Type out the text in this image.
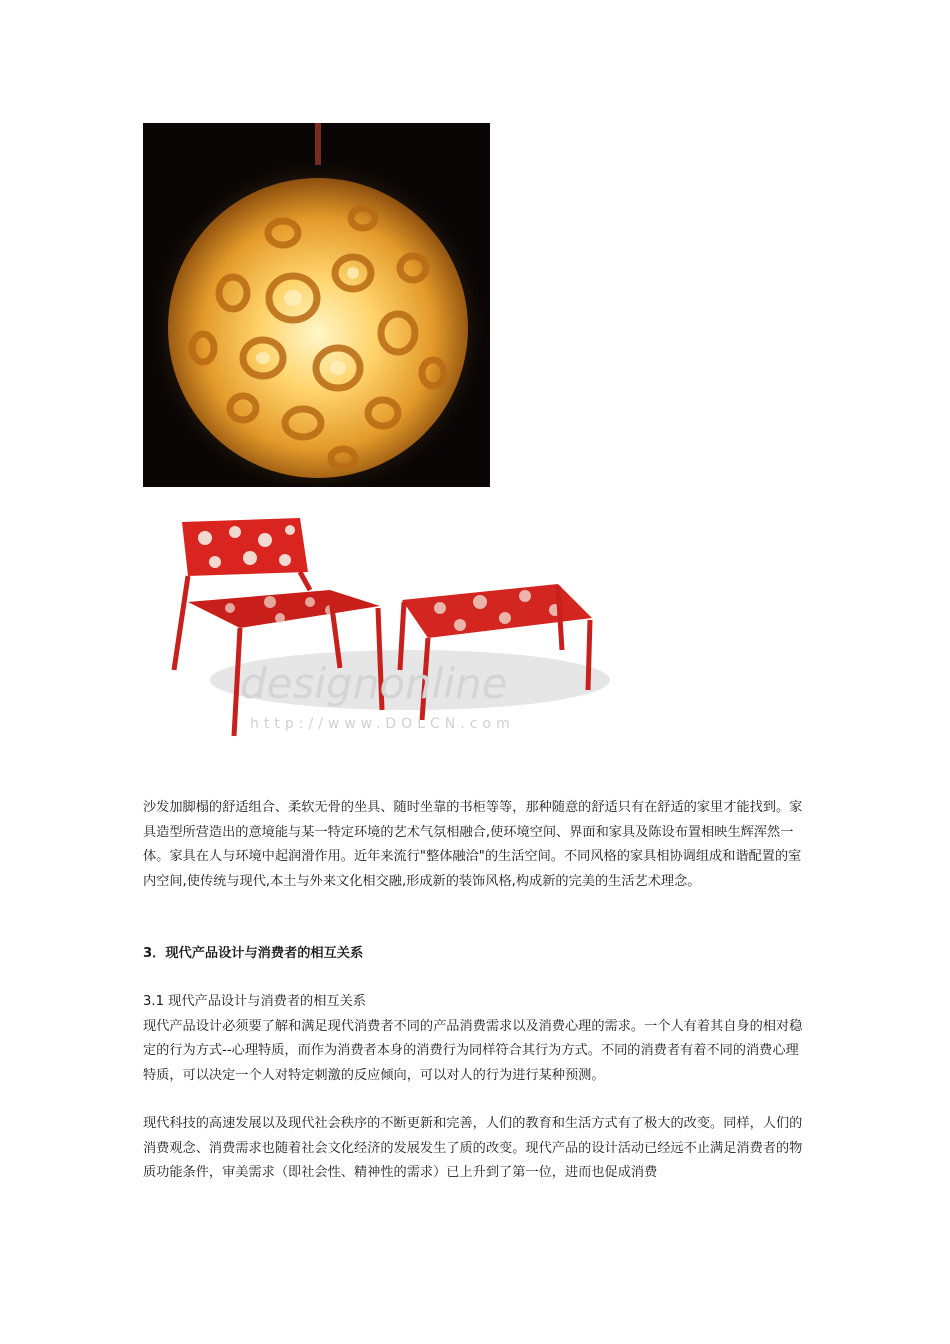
designonline
http://www.DOLCN.com

沙发加脚榻的舒适组合、柔软无骨的坐具、随时坐靠的书柜等等，那种随意的舒适只有在舒适的家里才能找到。家具造型所营造出的意境能与某一特定环境的艺术气氛相融合,使环境空间、界面和家具及陈设布置相映生辉浑然一体。家具在人与环境中起润滑作用。近年来流行"整体融洽"的生活空间。不同风格的家具相协调组成和谐配置的室内空间,使传统与现代,本土与外来文化相交融,形成新的装饰风格,构成新的完美的生活艺术理念。

3．现代产品设计与消费者的相互关系

3.1 现代产品设计与消费者的相互关系
现代产品设计必须要了解和满足现代消费者不同的产品消费需求以及消费心理的需求。一个人有着其自身的相对稳定的行为方式--心理特质，而作为消费者本身的消费行为同样符合其行为方式。不同的消费者有着不同的消费心理特质，可以决定一个人对特定刺激的反应倾向，可以对人的行为进行某种预测。

现代科技的高速发展以及现代社会秩序的不断更新和完善，人们的教育和生活方式有了极大的改变。同样，人们的消费观念、消费需求也随着社会文化经济的发展发生了质的改变。现代产品的设计活动已经远不止满足消费者的物质功能条件，审美需求（即社会性、精神性的需求）已上升到了第一位，进而也促成消费
